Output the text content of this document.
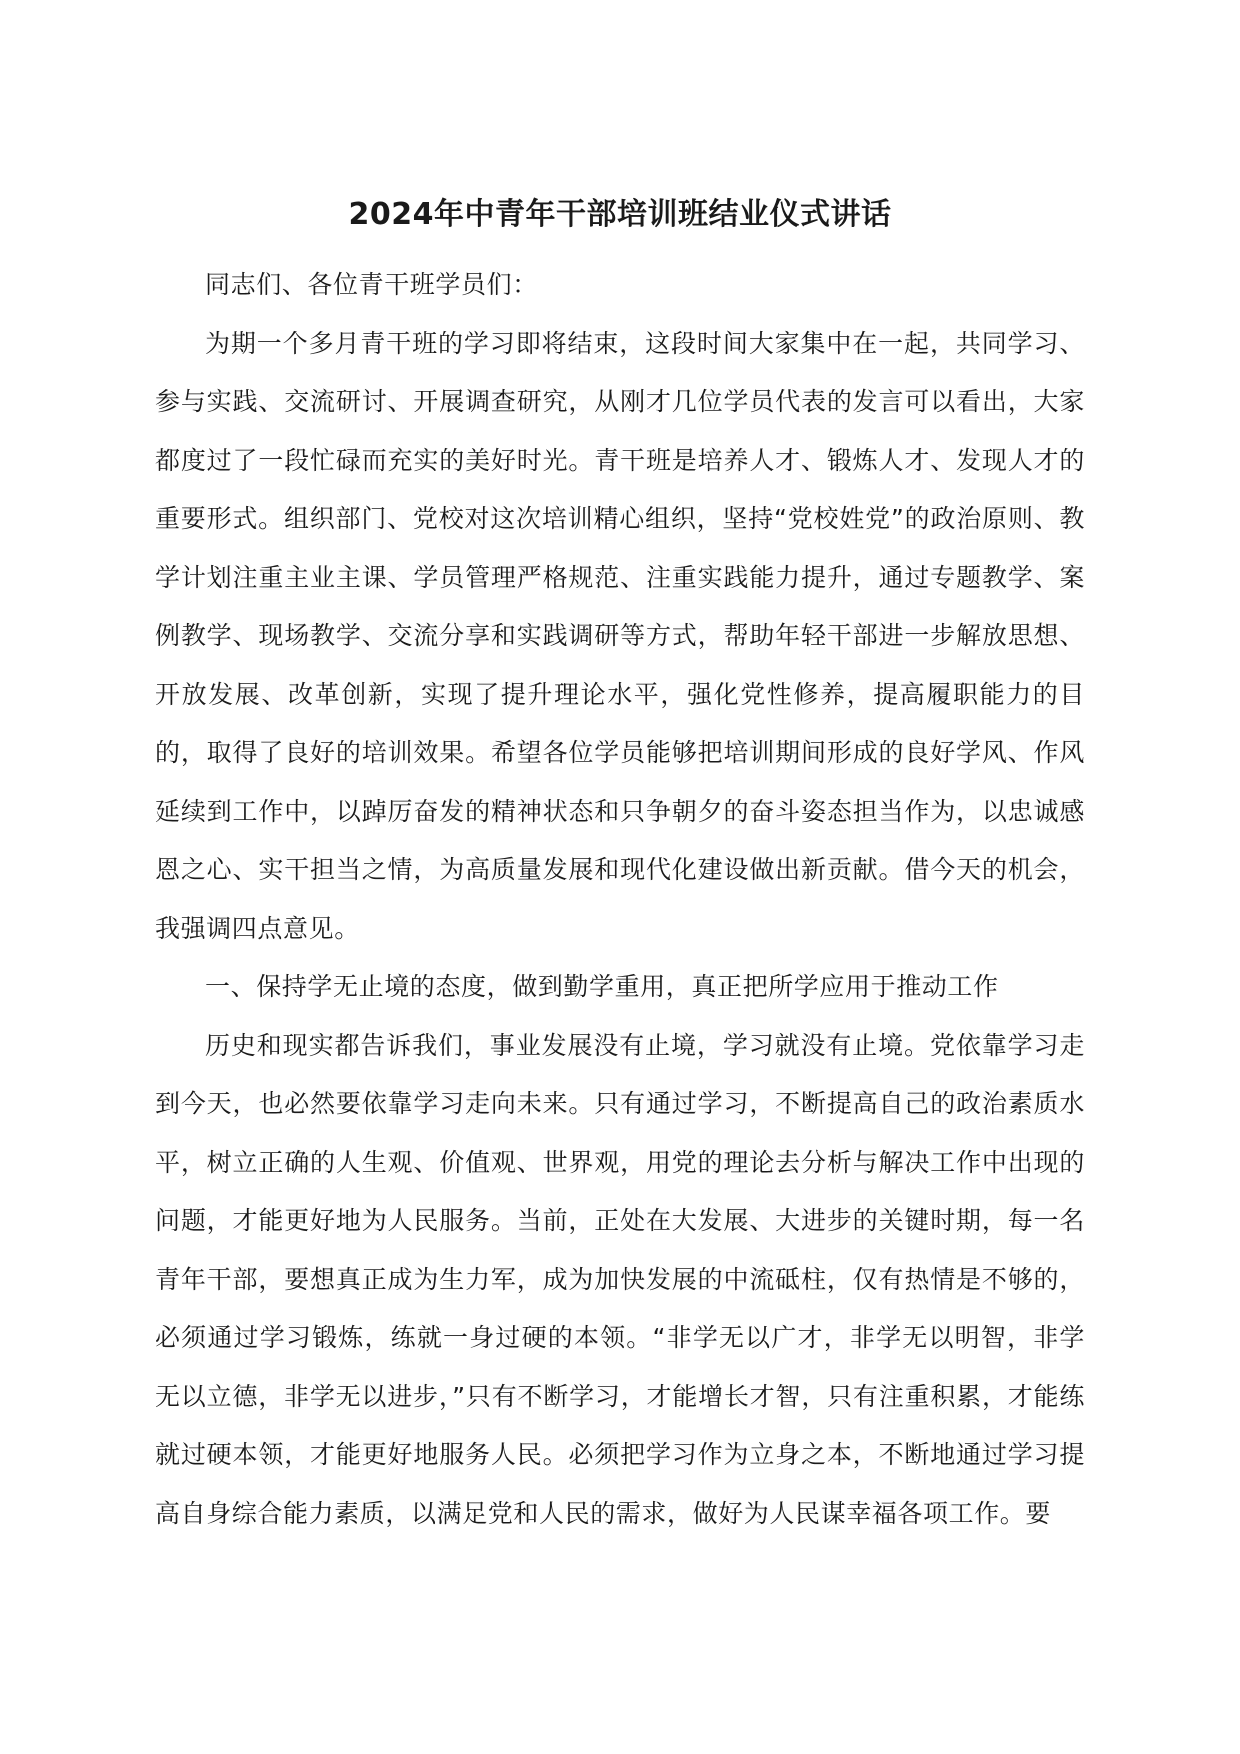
2024年中青年干部培训班结业仪式讲话

同志们、各位青干班学员们：

为期一个多月青干班的学习即将结束，这段时间大家集中在一起，共同学习、参与实践、交流研讨、开展调查研究，从刚才几位学员代表的发言可以看出，大家都度过了一段忙碌而充实的美好时光。青干班是培养人才、锻炼人才、发现人才的重要形式。组织部门、党校对这次培训精心组织，坚持“党校姓党”的政治原则、教学计划注重主业主课、学员管理严格规范、注重实践能力提升，通过专题教学、案例教学、现场教学、交流分享和实践调研等方式，帮助年轻干部进一步解放思想、开放发展、改革创新，实现了提升理论水平，强化党性修养，提高履职能力的目的，取得了良好的培训效果。希望各位学员能够把培训期间形成的良好学风、作风延续到工作中，以踔厉奋发的精神状态和只争朝夕的奋斗姿态担当作为，以忠诚感恩之心、实干担当之情，为高质量发展和现代化建设做出新贡献。借今天的机会，我强调四点意见。

一、保持学无止境的态度，做到勤学重用，真正把所学应用于推动工作

历史和现实都告诉我们，事业发展没有止境，学习就没有止境。党依靠学习走到今天，也必然要依靠学习走向未来。只有通过学习，不断提高自己的政治素质水平，树立正确的人生观、价值观、世界观，用党的理论去分析与解决工作中出现的问题，才能更好地为人民服务。当前，正处在大发展、大进步的关键时期，每一名青年干部，要想真正成为生力军，成为加快发展的中流砥柱，仅有热情是不够的，必须通过学习锻炼，练就一身过硬的本领。“非学无以广才，非学无以明智，非学无以立德，非学无以进步，”只有不断学习，才能增长才智，只有注重积累，才能练就过硬本领，才能更好地服务人民。必须把学习作为立身之本，不断地通过学习提高自身综合能力素质，以满足党和人民的需求，做好为人民谋幸福各项工作。要
